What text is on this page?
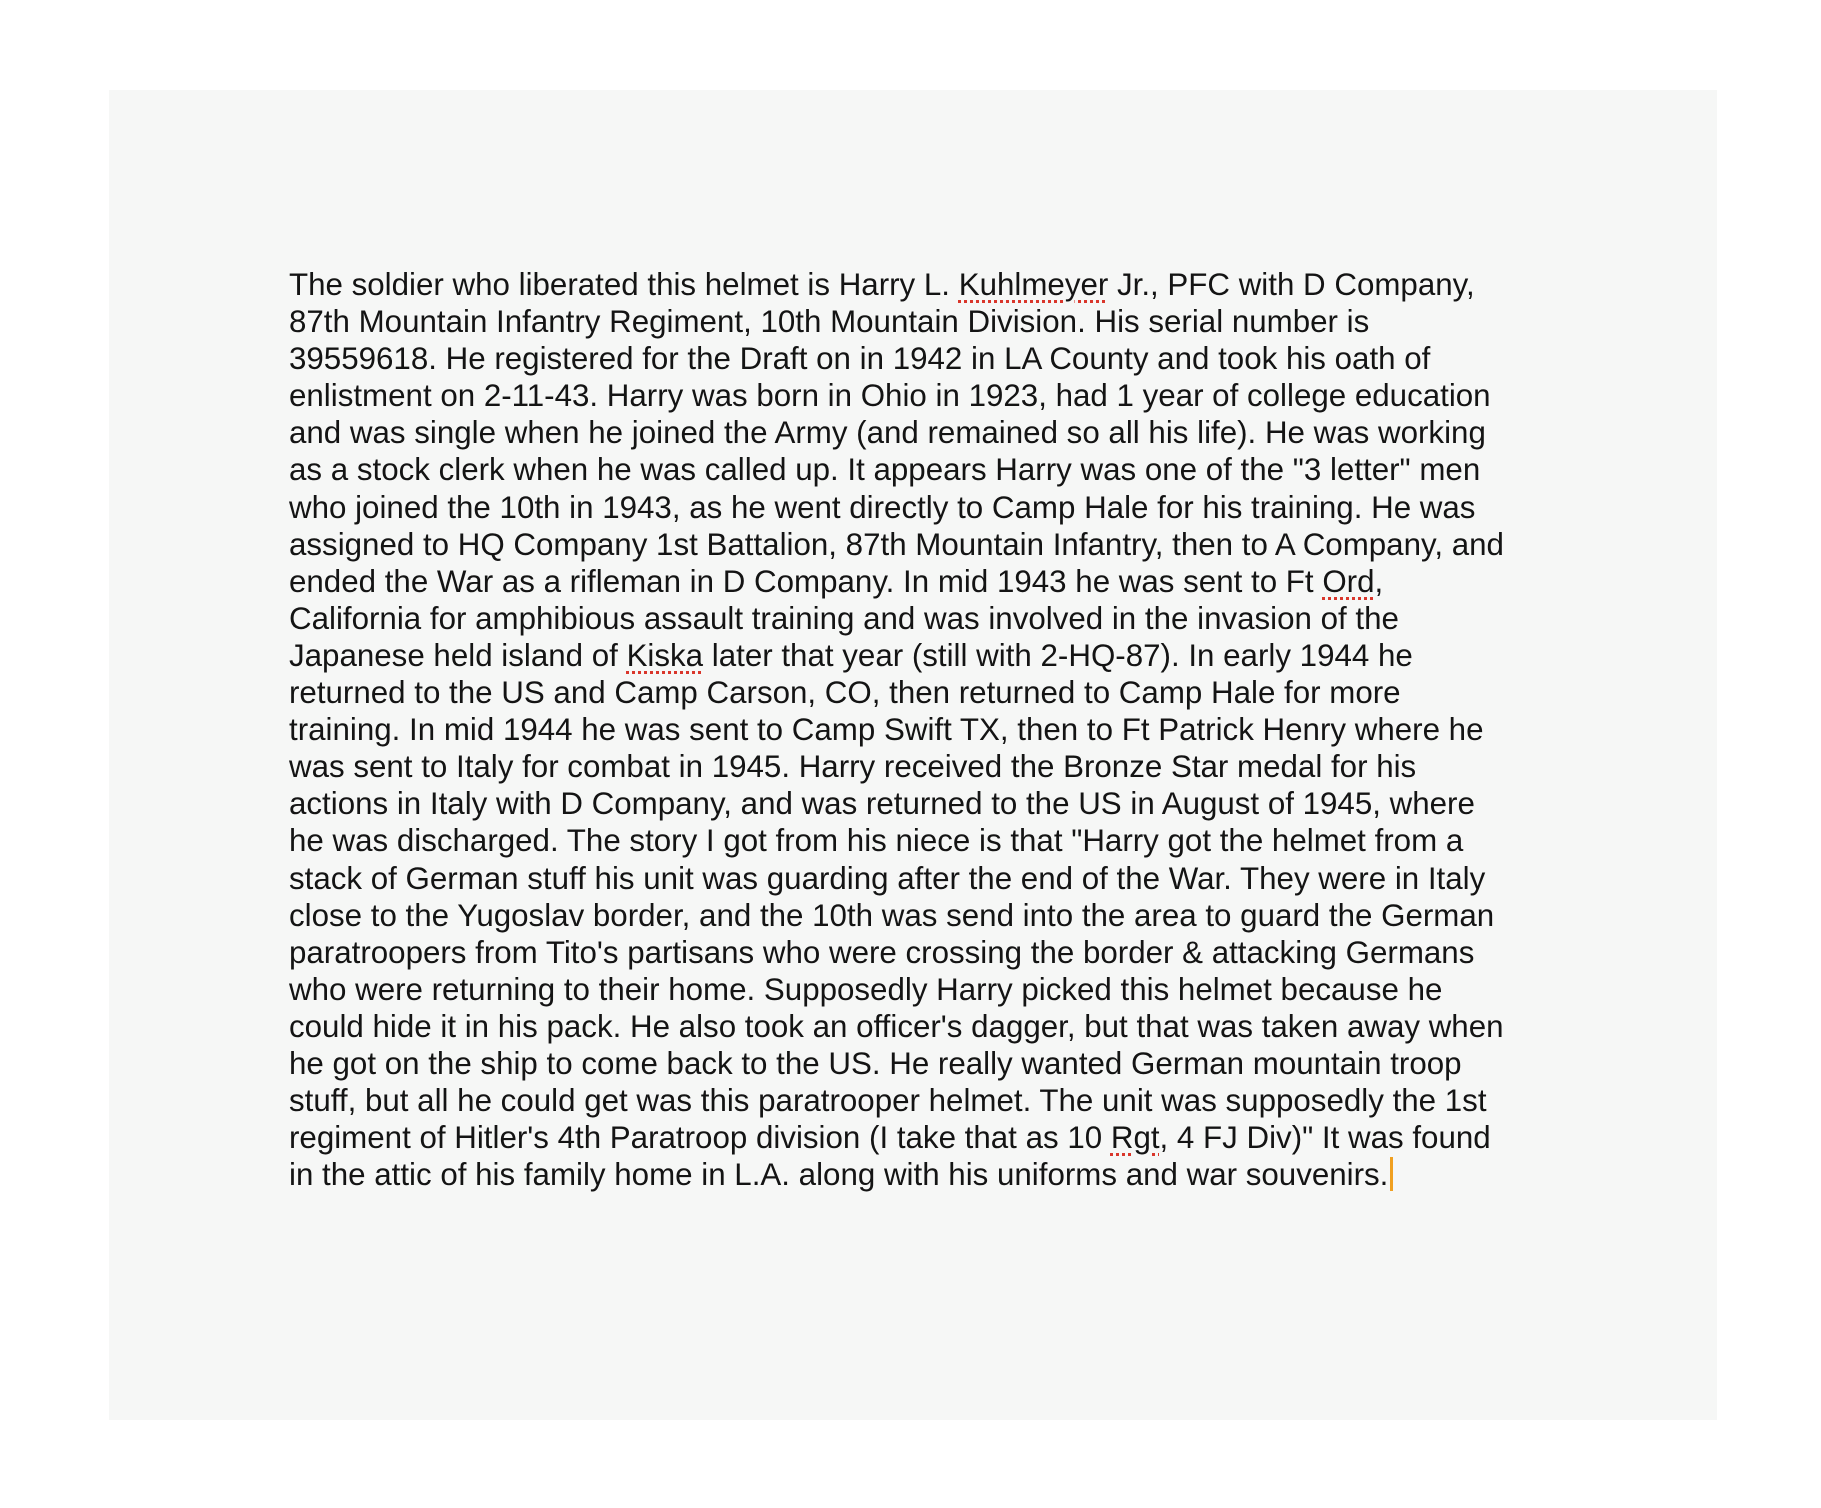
The soldier who liberated this helmet is Harry L. Kuhlmeyer Jr., PFC with D Company,
87th Mountain Infantry Regiment, 10th Mountain Division. His serial number is
39559618. He registered for the Draft on in 1942 in LA County and took his oath of
enlistment on 2-11-43. Harry was born in Ohio in 1923, had 1 year of college education
and was single when he joined the Army (and remained so all his life). He was working
as a stock clerk when he was called up. It appears Harry was one of the "3 letter" men
who joined the 10th in 1943, as he went directly to Camp Hale for his training. He was
assigned to HQ Company 1st Battalion, 87th Mountain Infantry, then to A Company, and
ended the War as a rifleman in D Company. In mid 1943 he was sent to Ft Ord,
California for amphibious assault training and was involved in the invasion of the
Japanese held island of Kiska later that year (still with 2-HQ-87). In early 1944 he
returned to the US and Camp Carson, CO, then returned to Camp Hale for more
training. In mid 1944 he was sent to Camp Swift TX, then to Ft Patrick Henry where he
was sent to Italy for combat in 1945. Harry received the Bronze Star medal for his
actions in Italy with D Company, and was returned to the US in August of 1945, where
he was discharged. The story I got from his niece is that "Harry got the helmet from a
stack of German stuff his unit was guarding after the end of the War. They were in Italy
close to the Yugoslav border, and the 10th was send into the area to guard the German
paratroopers from Tito's partisans who were crossing the border & attacking Germans
who were returning to their home. Supposedly Harry picked this helmet because he
could hide it in his pack. He also took an officer's dagger, but that was taken away when
he got on the ship to come back to the US. He really wanted German mountain troop
stuff, but all he could get was this paratrooper helmet. The unit was supposedly the 1st
regiment of Hitler's 4th Paratroop division (I take that as 10 Rgt, 4 FJ Div)" It was found
in the attic of his family home in L.A. along with his uniforms and war souvenirs.
